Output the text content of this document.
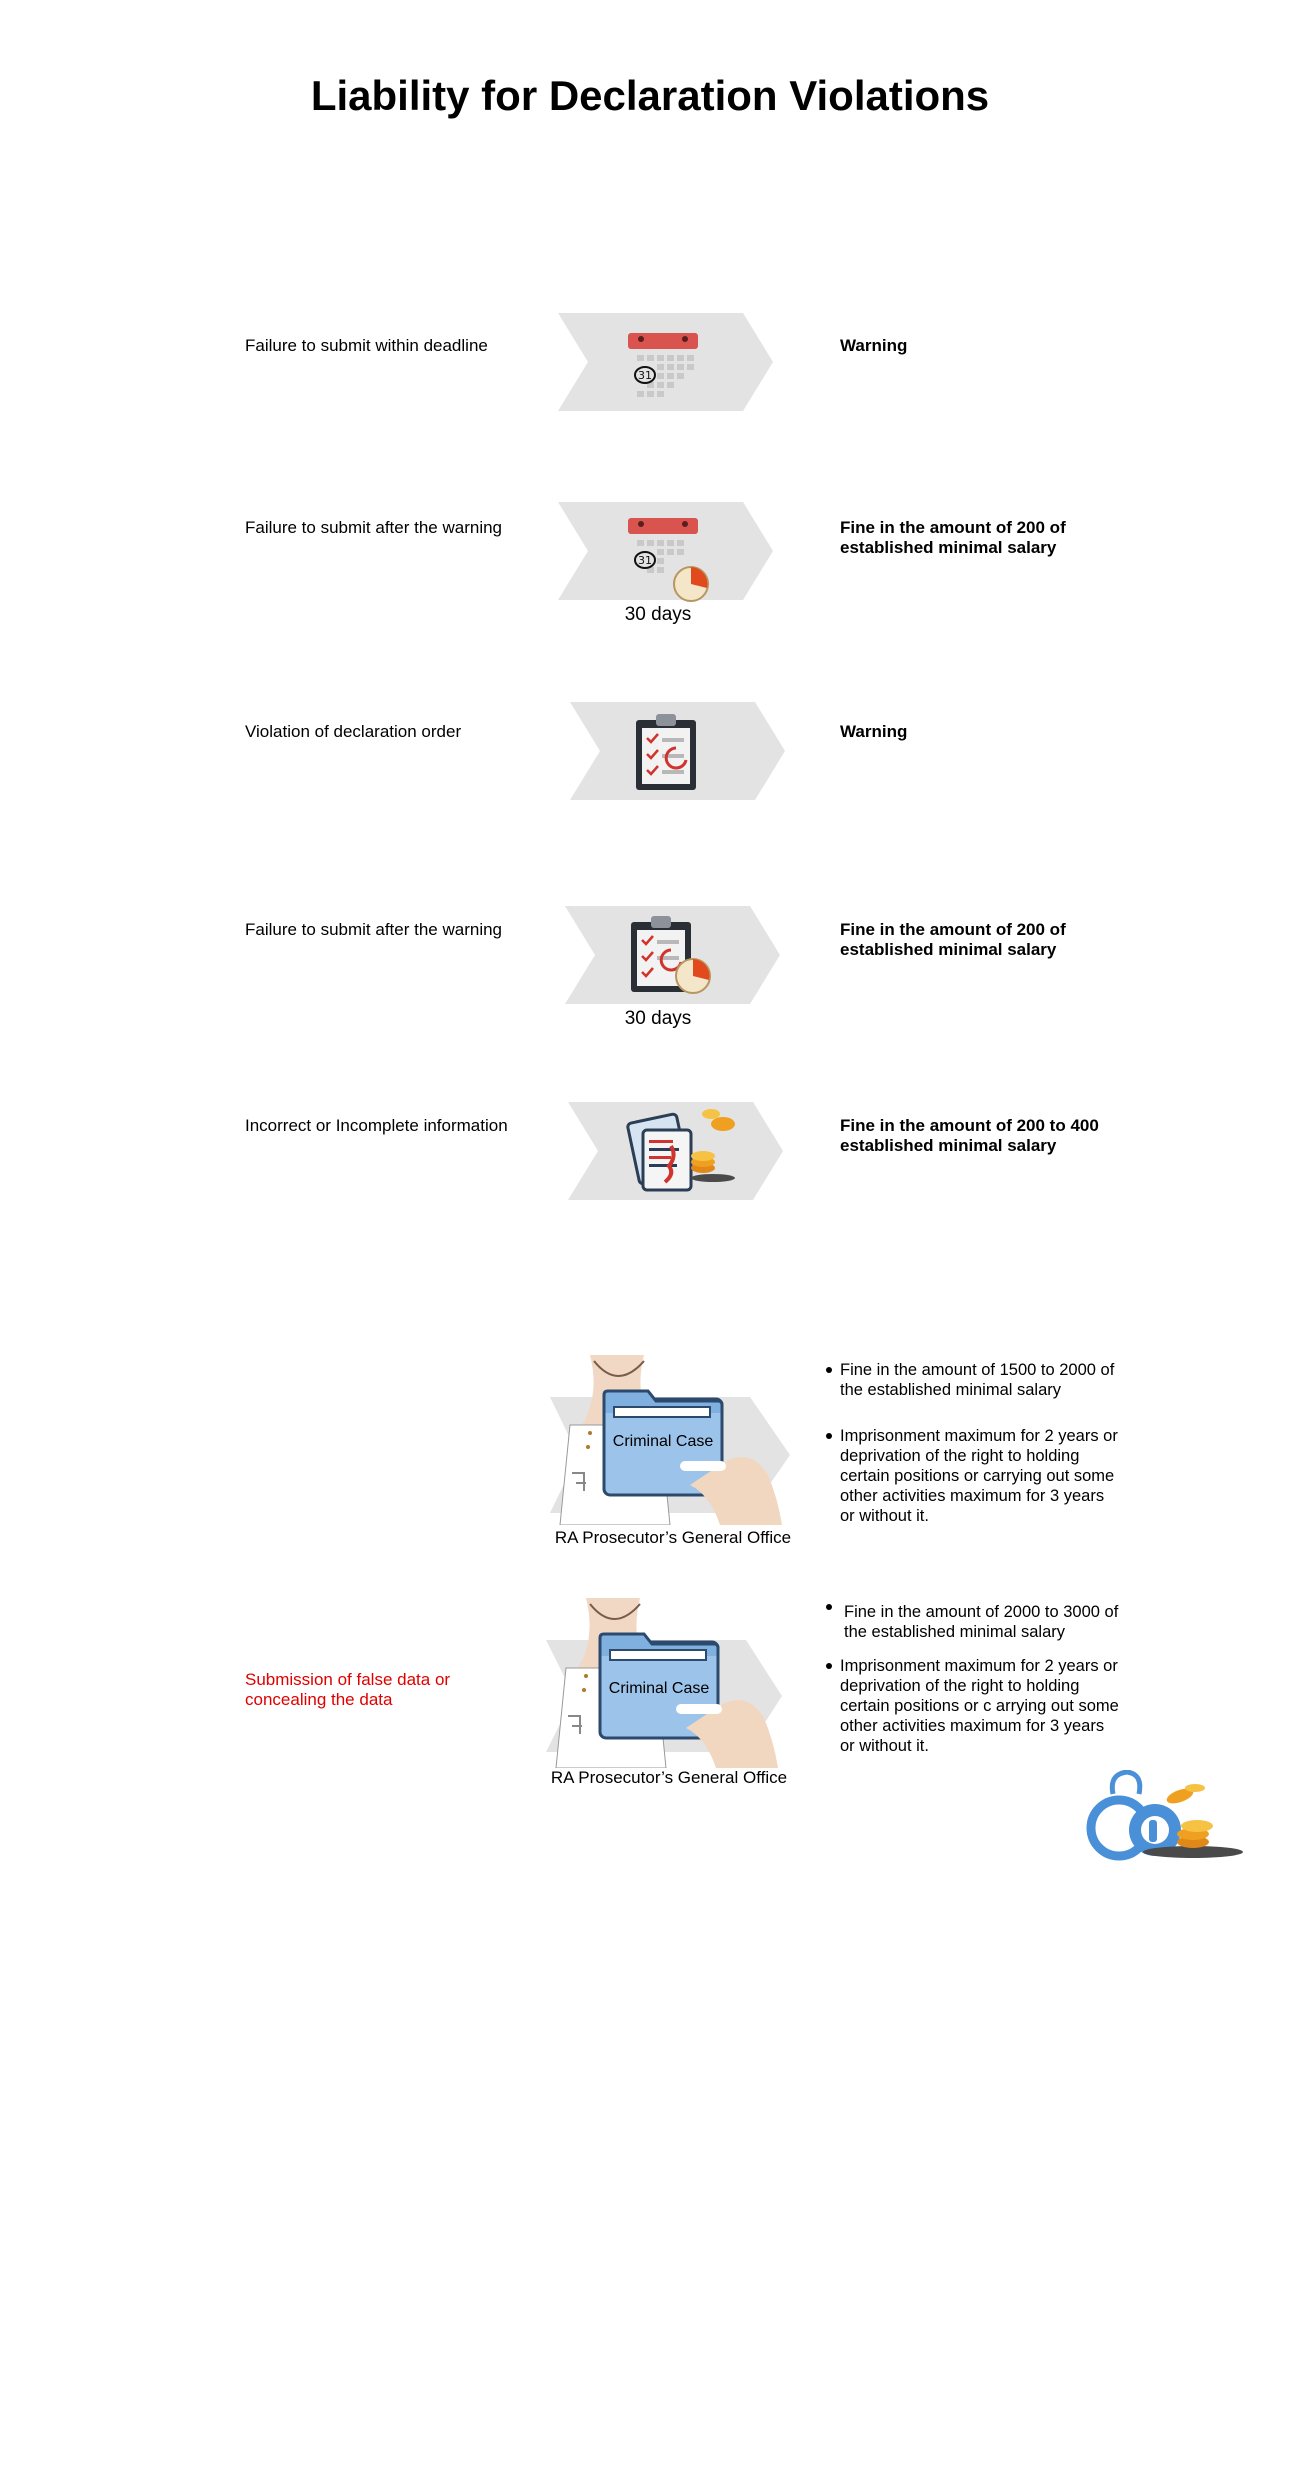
Liability for Declaration Violations
Failure to submit within deadline
31
Warning
Failure to submit after the warning
31
30 days
Fine in the amount of 200 of established minimal salary
Violation of declaration order	Warning
Failure to submit after the warning
30 days
Fine in the amount of 200 of established minimal salary
Incorrect or Incomplete information	Fine in the amount of 200 to 400 established minimal salary
Criminal Case
RA Prosecutor’s General Office
Fine in the amount of 1500 to 2000 of the established minimal salary
Imprisonment maximum for 2 years or deprivation of the right to holding certain positions or carrying out some other activities maximum for 3 years or without it.
Submission of false data or concealing the data
Criminal Case
RA Prosecutor’s General Office
Fine in the amount of 2000 to 3000 of the established minimal salary
Imprisonment maximum for 2 years or deprivation of the right to holding certain positions or c arrying out some other activities maximum for 3 years or without it.
